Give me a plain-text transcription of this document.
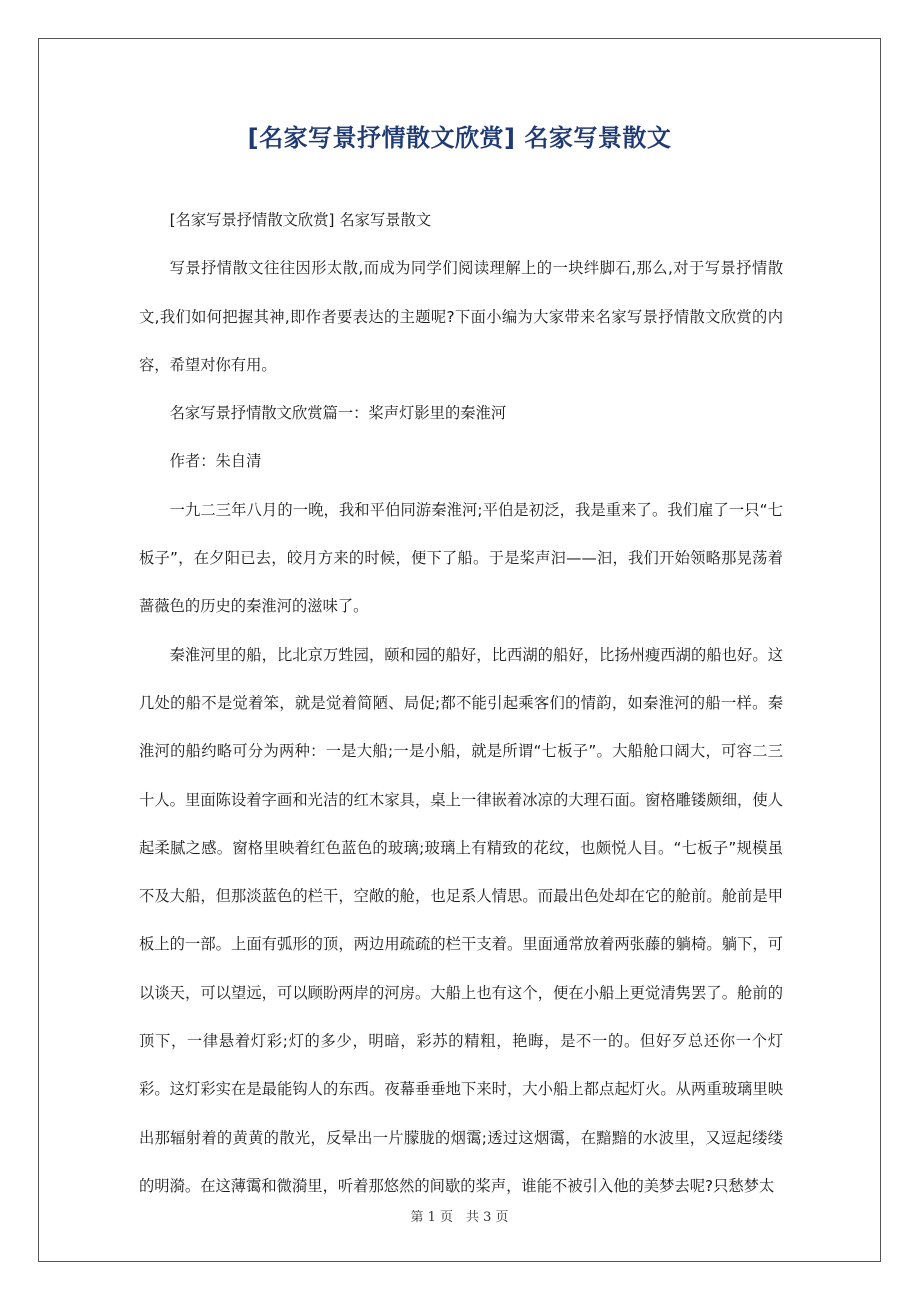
[名家写景抒情散文欣赏] 名家写景散文

[名家写景抒情散文欣赏] 名家写景散文

写景抒情散文往往因形太散,而成为同学们阅读理解上的一块绊脚石,那么,对于写景抒情散文,我们如何把握其神,即作者要表达的主题呢?下面小编为大家带来名家写景抒情散文欣赏的内容，希望对你有用。

名家写景抒情散文欣赏篇一：桨声灯影里的秦淮河

作者：朱自清

一九二三年八月的一晚，我和平伯同游秦淮河;平伯是初泛，我是重来了。我们雇了一只“七板子”，在夕阳已去，皎月方来的时候，便下了船。于是桨声汩——汩，我们开始领略那晃荡着蔷薇色的历史的秦淮河的滋味了。

秦淮河里的船，比北京万甡园，颐和园的船好，比西湖的船好，比扬州瘦西湖的船也好。这几处的船不是觉着笨，就是觉着简陋、局促;都不能引起乘客们的情韵，如秦淮河的船一样。秦淮河的船约略可分为两种：一是大船;一是小船，就是所谓“七板子”。大船舱口阔大，可容二三十人。里面陈设着字画和光洁的红木家具，桌上一律嵌着冰凉的大理石面。窗格雕镂颇细，使人起柔腻之感。窗格里映着红色蓝色的玻璃;玻璃上有精致的花纹，也颇悦人目。“七板子”规模虽不及大船，但那淡蓝色的栏干，空敞的舱，也足系人情思。而最出色处却在它的舱前。舱前是甲板上的一部。上面有弧形的顶，两边用疏疏的栏干支着。里面通常放着两张藤的躺椅。躺下，可以谈天，可以望远，可以顾盼两岸的河房。大船上也有这个，便在小船上更觉清隽罢了。舱前的顶下，一律悬着灯彩;灯的多少，明暗，彩苏的精粗，艳晦，是不一的。但好歹总还你一个灯彩。这灯彩实在是最能钩人的东西。夜幕垂垂地下来时，大小船上都点起灯火。从两重玻璃里映出那辐射着的黄黄的散光，反晕出一片朦胧的烟霭;透过这烟霭，在黯黯的水波里，又逗起缕缕的明漪。在这薄霭和微漪里，听着那悠然的间歇的桨声，谁能不被引入他的美梦去呢?只愁梦太

第 1 页　共 3 页
